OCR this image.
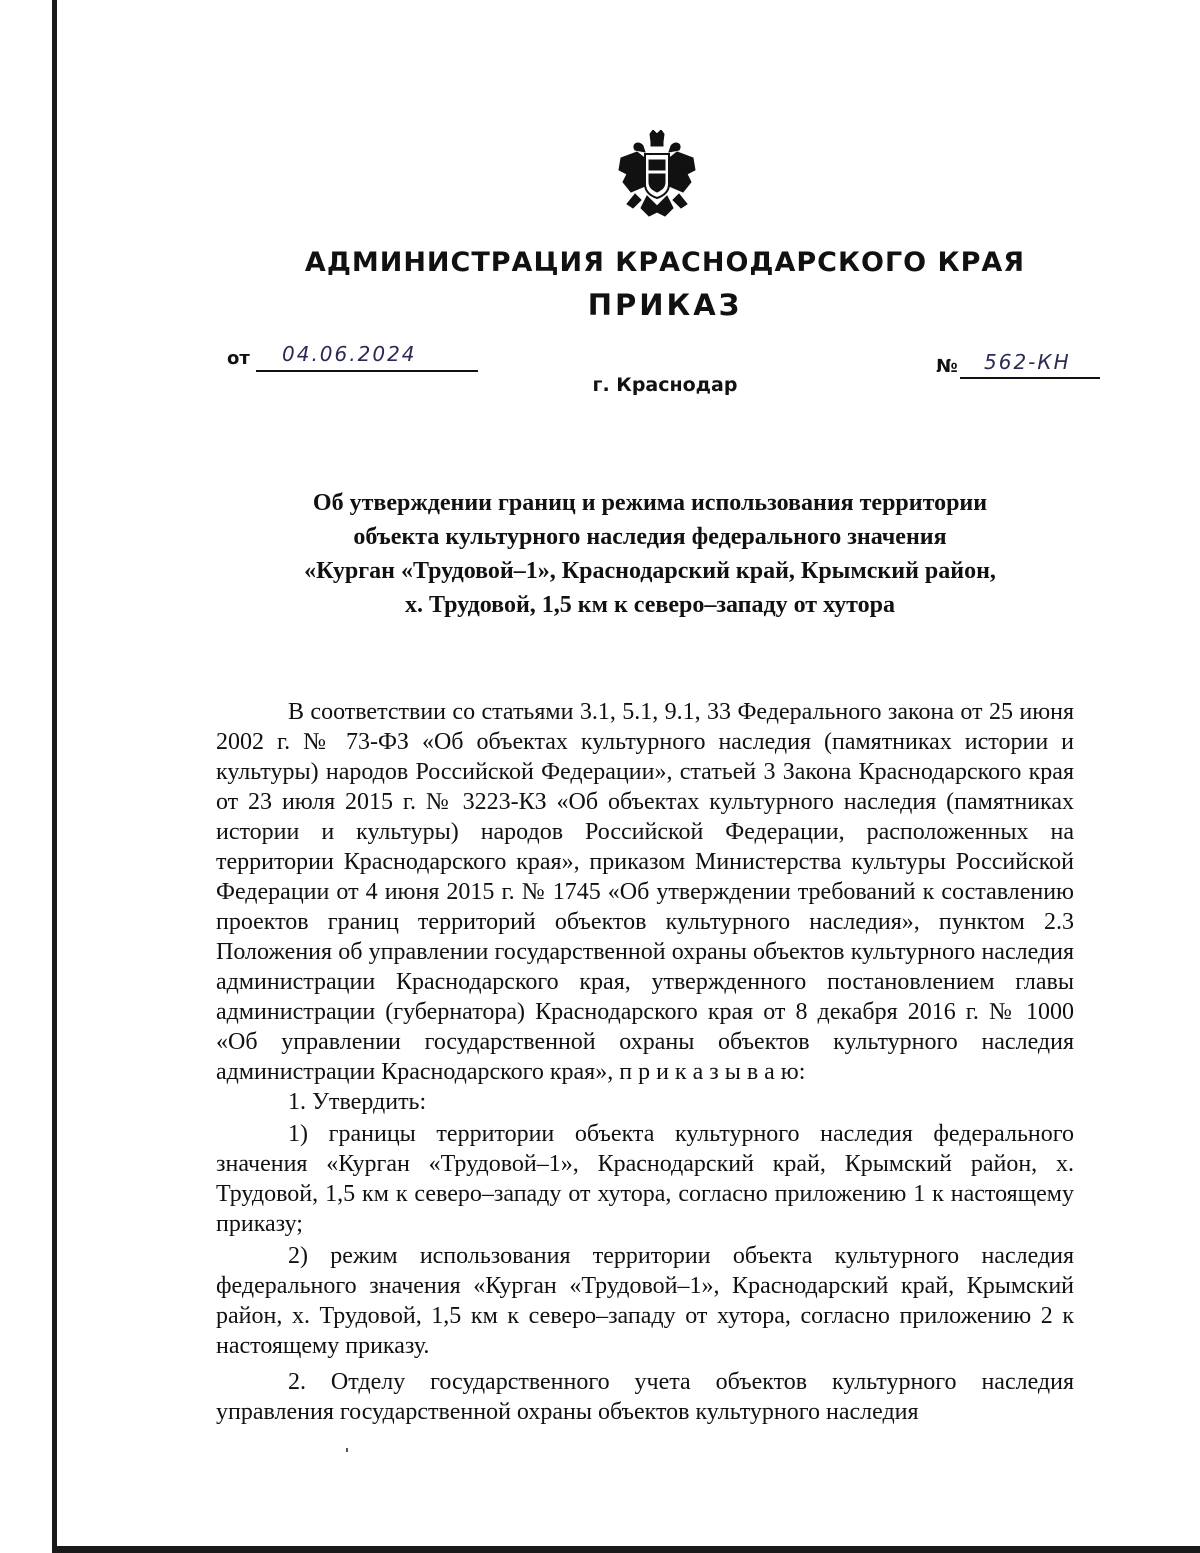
АДМИНИСТРАЦИЯ КРАСНОДАРСКОГО КРАЯ
ПРИКАЗ
от 04.06.2024
г. Краснодар
№ 562-КН
Об утверждении границ и режима использования территории
объекта культурного наследия федерального значения
«Курган «Трудовой–1», Краснодарский край, Крымский район,
х. Трудовой, 1,5 км к северо–западу от хутора

В соответствии со статьями 3.1, 5.1, 9.1, 33 Федерального закона от 25 июня 2002 г. № 73-ФЗ «Об объектах культурного наследия (памятниках истории и культуры) народов Российской Федерации», статьей 3 Закона Краснодарского края от 23 июля 2015 г. № 3223-КЗ «Об объектах культурного наследия (памятниках истории и культуры) народов Российской Федерации, расположенных на территории Краснодарского края», приказом Министерства культуры Российской Федерации от 4 июня 2015 г. № 1745 «Об утверждении требований к составлению проектов границ территорий объектов культурного наследия», пунктом 2.3 Положения об управлении государственной охраны объектов культурного наследия администрации Краснодарского края, утвержденного постановлением главы администрации (губернатора) Краснодарского края от 8 декабря 2016 г. № 1000 «Об управлении государственной охраны объектов культурного наследия администрации Краснодарского края», п р и к а з ы в а ю:

1. Утвердить:

1) границы территории объекта культурного наследия федерального значения «Курган «Трудовой–1», Краснодарский край, Крымский район, х. Трудовой, 1,5 км к северо–западу от хутора, согласно приложению 1 к настоящему приказу;

2) режим использования территории объекта культурного наследия федерального значения «Курган «Трудовой–1», Краснодарский край, Крымский район, х. Трудовой, 1,5 км к северо–западу от хутора, согласно приложению 2 к настоящему приказу.

2. Отделу государственного учета объектов культурного наследия управления государственной охраны объектов культурного наследия
